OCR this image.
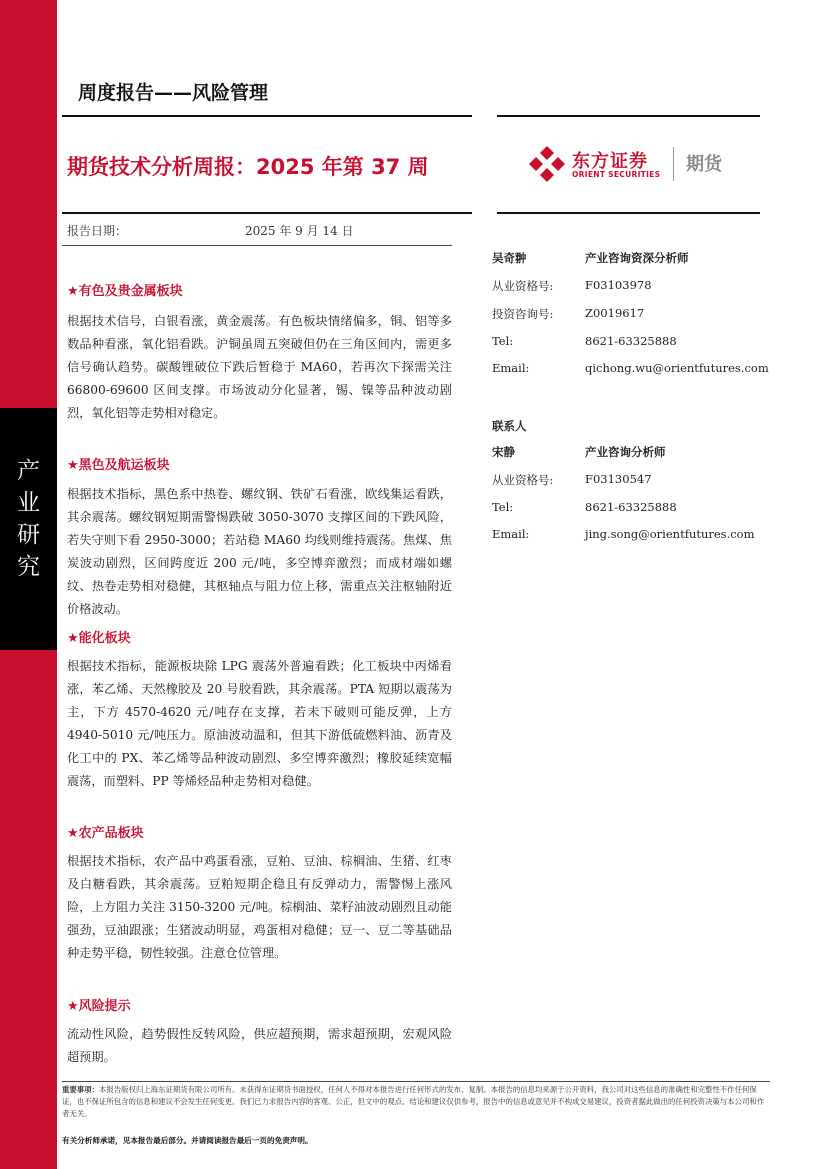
产
业
研
究
周度报告——风险管理
期货技术分析周报：2025 年第 37 周	东方证券
ORIENT SECURITIES 期货
报告日期：	2025 年 9 月 14 日
★有色及贵金属板块

根据技术信号，白银看涨，黄金震荡。有色板块情绪偏多，铜、铝等多数品种看涨，氧化铝看跌。沪铜虽周五突破但仍在三角区间内，需更多信号确认趋势。碳酸锂破位下跌后暂稳于 MA60，若再次下探需关注 66800-69600 区间支撑。市场波动分化显著，锡、镍等品种波动剧烈，氧化铝等走势相对稳定。

★黑色及航运板块

根据技术指标，黑色系中热卷、螺纹钢、铁矿石看涨，欧线集运看跌，其余震荡。螺纹钢短期需警惕跌破 3050-3070 支撑区间的下跌风险，若失守则下看 2950-3000；若站稳 MA60 均线则维持震荡。焦煤、焦炭波动剧烈，区间跨度近 200 元/吨，多空博弈激烈；而成材端如螺纹、热卷走势相对稳健，其枢轴点与阻力位上移，需重点关注枢轴附近价格波动。

★能化板块

根据技术指标，能源板块除 LPG 震荡外普遍看跌；化工板块中丙烯看涨，苯乙烯、天然橡胶及 20 号胶看跌，其余震荡。PTA 短期以震荡为主，下方 4570-4620 元/吨存在支撑，若未下破则可能反弹，上方 4940-5010 元/吨压力。原油波动温和，但其下游低硫燃料油、沥青及化工中的 PX、苯乙烯等品种波动剧烈、多空博弈激烈；橡胶延续宽幅震荡，而塑料、PP 等烯烃品种走势相对稳健。

★农产品板块

根据技术指标，农产品中鸡蛋看涨，豆粕、豆油、棕榈油、生猪、红枣及白糖看跌，其余震荡。豆粕短期企稳且有反弹动力，需警惕上涨风险，上方阻力关注 3150-3200 元/吨。棕榈油、菜籽油波动剧烈且动能强劲，豆油跟涨；生猪波动明显，鸡蛋相对稳健；豆一、豆二等基础品种走势平稳，韧性较强。注意仓位管理。

★风险提示

流动性风险，趋势假性反转风险，供应超预期，需求超预期，宏观风险超预期。

吴奇翀	产业咨询资深分析师
从业资格号:	F03103978
投资咨询号:	Z0019617
Tel:	8621-63325888
Email:	qichong.wu@orientfutures.com
联系人
宋静	产业咨询分析师
从业资格号:	F03130547
Tel:	8621-63325888
Email:	jing.song@orientfutures.com

重要事项：本报告版权归上海东证期货有限公司所有。未获得东证期货书面授权，任何人不得对本报告进行任何形式的发布、复制。本报告的信息均来源于公开资料，我公司对这些信息的准确性和完整性不作任何保证，也不保证所包含的信息和建议不会发生任何变更。我们已力求报告内容的客观、公正，但文中的观点、结论和建议仅供参考，报告中的信息或意见并不构成交易建议，投资者据此做出的任何投资决策与本公司和作者无关。

有关分析师承诺，见本报告最后部分。并请阅读报告最后一页的免责声明。
